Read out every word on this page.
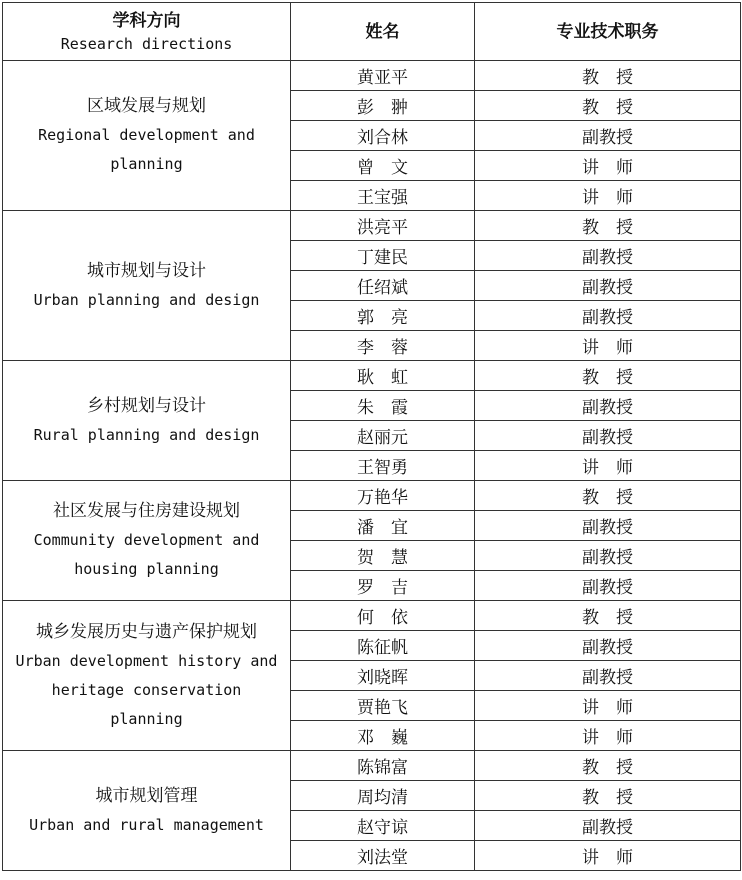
学科方向
Research directions	姓名	专业技术职务

区域发展与规划
Regional development and planning	黄亚平	教　授
	彭　翀	教　授
	刘合林	副教授
	曾　文	讲　师
	王宝强	讲　师

城市规划与设计
Urban planning and design	洪亮平	教　授
	丁建民	副教授
	任绍斌	副教授
	郭　亮	副教授
	李　蓉	讲　师

乡村规划与设计
Rural planning and design	耿　虹	教　授
	朱　霞	副教授
	赵丽元	副教授
	王智勇	讲　师

社区发展与住房建设规划
Community development and housing planning	万艳华	教　授
	潘　宜	副教授
	贺　慧	副教授
	罗　吉	副教授

城乡发展历史与遗产保护规划
Urban development history and heritage conservation planning	何　依	教　授
	陈征帆	副教授
	刘晓晖	副教授
	贾艳飞	讲　师
	邓　巍	讲　师

城市规划管理
Urban and rural management	陈锦富	教　授
	周均清	教　授
	赵守谅	副教授
	刘法堂	讲　师
